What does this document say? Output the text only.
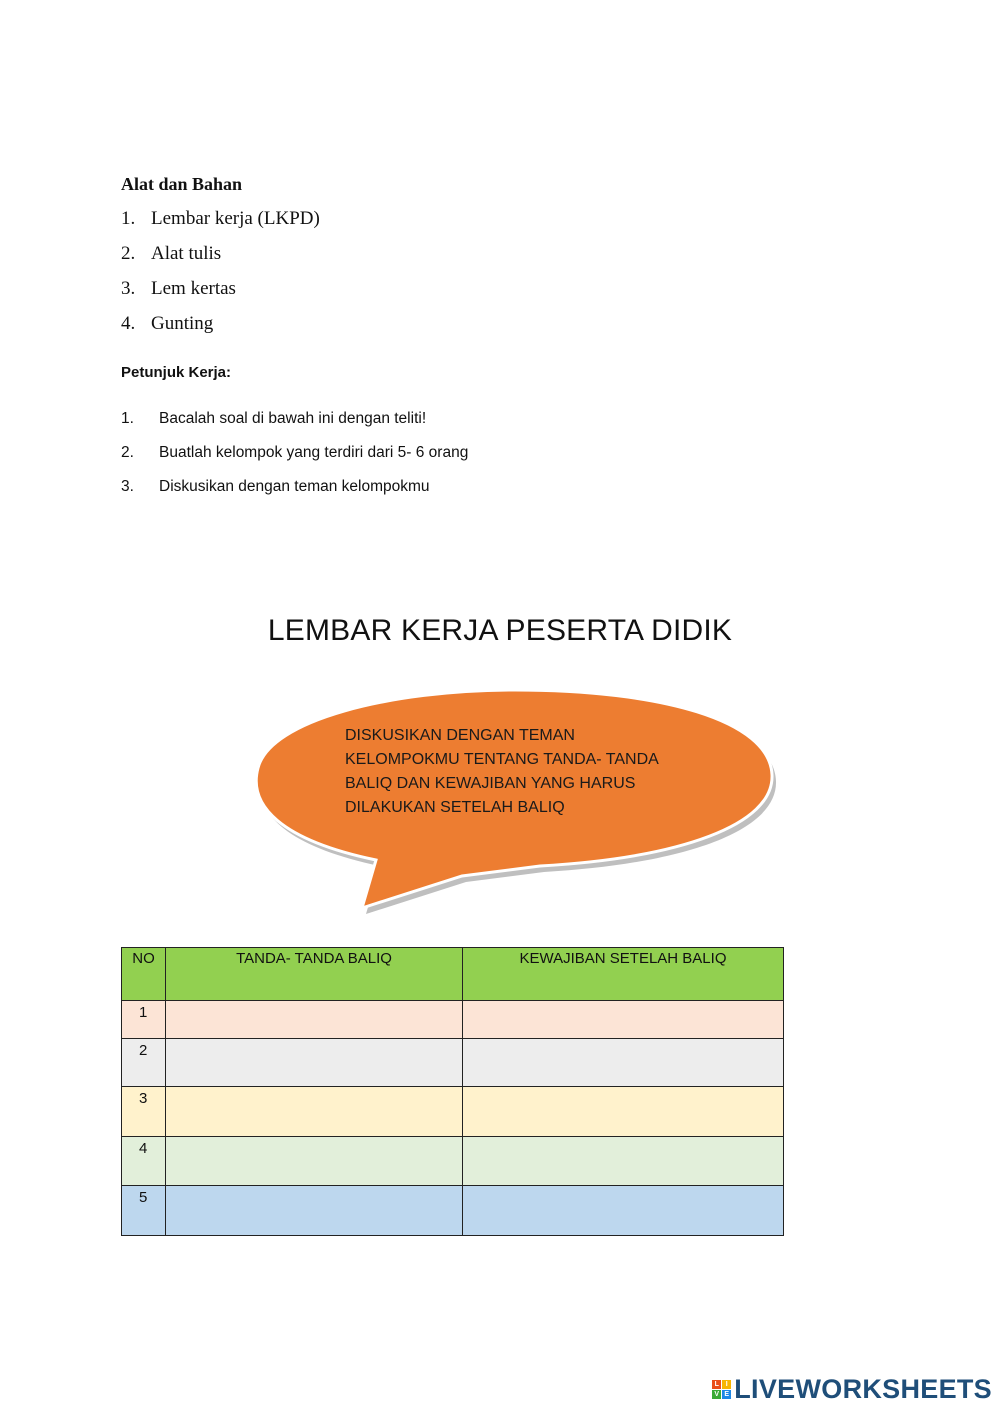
Alat dan Bahan
1. Lembar kerja (LKPD)
2. Alat tulis
3. Lem kertas
4. Gunting
Petunjuk Kerja:
1. Bacalah soal di bawah ini dengan teliti!
2. Buatlah kelompok yang terdiri dari 5- 6 orang
3. Diskusikan dengan teman kelompokmu
LEMBAR KERJA PESERTA DIDIK
DISKUSIKAN DENGAN TEMAN
KELOMPOKMU TENTANG TANDA- TANDA
BALIQ DAN KEWAJIBAN YANG HARUS
DILAKUKAN SETELAH BALIQ
NO	TANDA- TANDA BALIQ	KEWAJIBAN SETELAH BALIQ
1		
2		
3		
4		
5		
L I
V E LIVEWORKSHEETS
